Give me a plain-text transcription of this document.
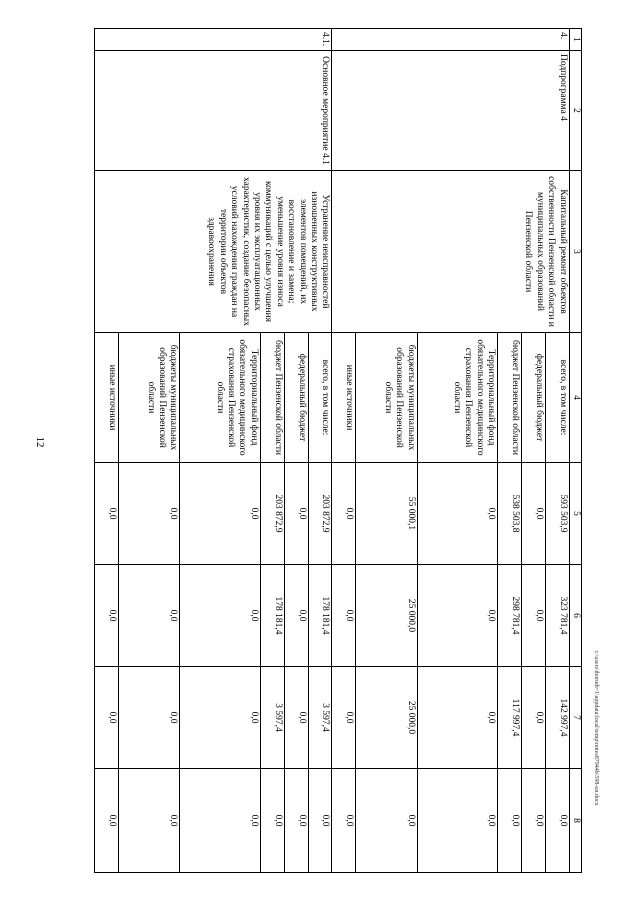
12
c:\users\iborodi~1\appdata\local\temp\notes87944b\598-un.docx
1	2	3	4	5	6	7	8
4.	Подпрограмма 4	Капитальный ремонт объектов собственности Пензенской области и муниципальных образований Пензенской области	всего, в том числе:	593 503,9	323 781,4	142 997,4	0,0
			федеральный бюджет	0,0	0,0	0,0	0,0
			бюджет Пензенской области	538 503,8	298 781,4	117 997,4	0,0
			Территориальный фонд обязательного медицинского страхования Пензенской области	0,0	0,0	0,0	0,0
			бюджеты муниципальных образований Пензенской области	55 000,1	25 000,0	25 000,0	0,0
			иные источники	0,0	0,0	0,0	0,0
4.1.	Основное мероприятие 4.1	Устранение неисправностей изношенных конструктивных элементов помещений, их восстановление и замена; уменьшение уровня износа коммуникаций с целью улучшения уровня их эксплуатационных характеристик, создание безопасных условий нахождения граждан на территории объектов здравоохранения	всего, в том числе:	203 872,9	178 181,4	3 597,4	0,0
			федеральный бюджет	0,0	0,0	0,0	0,0
			бюджет Пензенской области	203 872,9	178 181,4	3 597,4	0,0
			Территориальный фонд обязательного медицинского страхования Пензенской области	0,0	0,0	0,0	0,0
			бюджеты муниципальных образований Пензенской области	0,0	0,0	0,0	0,0
			иные источники	0,0	0,0	0,0	0,0
